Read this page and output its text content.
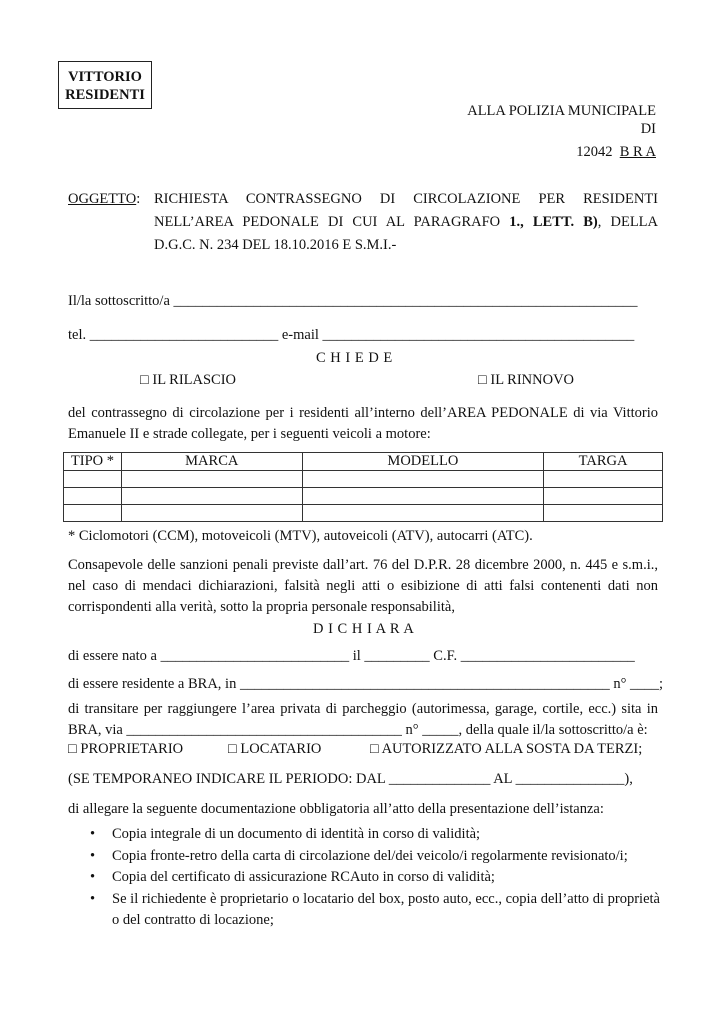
VITTORIO
RESIDENTI
ALLA POLIZIA MUNICIPALE
DI
12042 B R A
OGGETTO: RICHIESTA CONTRASSEGNO DI CIRCOLAZIONE PER RESIDENTI
NELL’AREA PEDONALE DI CUI AL PARAGRAFO 1., LETT. B), DELLA
D.G.C. N. 234 DEL 18.10.2016 E S.M.I.-
Il/la sottoscritto/a ________________________________________________________________
tel. __________________________ e-mail ___________________________________________
C H I E D E
□ IL RILASCIO	□ IL RINNOVO
del contrassegno di circolazione per i residenti all’interno dell’AREA PEDONALE di via Vittorio Emanuele II e strade collegate, per i seguenti veicoli a motore:
TIPO *	MARCA	MODELLO	TARGA

* Ciclomotori (CCM), motoveicoli (MTV), autoveicoli (ATV), autocarri (ATC).
Consapevole delle sanzioni penali previste dall’art. 76 del D.P.R. 28 dicembre 2000, n. 445 e s.m.i., nel caso di mendaci dichiarazioni, falsità negli atti o esibizione di atti falsi contenenti dati non corrispondenti alla verità, sotto la propria personale responsabilità,
D I C H I A R A
di essere nato a __________________________ il _________ C.F. ________________________
di essere residente a BRA, in ___________________________________________________ n° ____;
di transitare per raggiungere l’area privata di parcheggio (autorimessa, garage, cortile, ecc.) sita in BRA, via ______________________________________ n° _____, della quale il/la sottoscritto/a è:
□ PROPRIETARIO	□ LOCATARIO	□ AUTORIZZATO ALLA SOSTA DA TERZI;
(SE TEMPORANEO INDICARE IL PERIODO: DAL ______________ AL _______________),
di allegare la seguente documentazione obbligatoria all’atto della presentazione dell’istanza:
• Copia integrale di un documento di identità in corso di validità;
• Copia fronte-retro della carta di circolazione del/dei veicolo/i regolarmente revisionato/i;
• Copia del certificato di assicurazione RCAuto in corso di validità;
• Se il richiedente è proprietario o locatario del box, posto auto, ecc., copia dell’atto di proprietà o del contratto di locazione;
